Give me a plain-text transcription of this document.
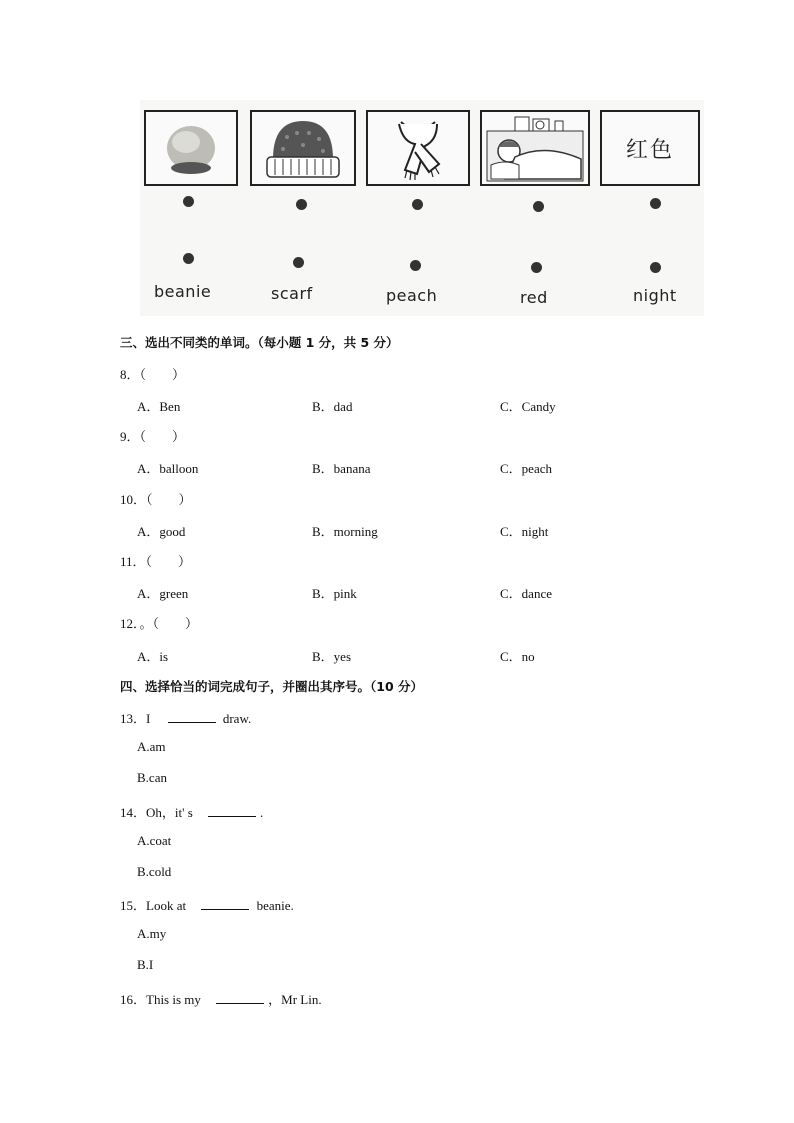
红色
beanie	scarf	peach	red	night
三、选出不同类的单词。（每小题 1 分，共 5 分）
8．（　　）
A．Ben	B．dad	C．Candy
9．（　　）
A．balloon	B．banana	C．peach
10．（　　）
A．good	B．morning	C．night
11．（　　）
A．green	B．pink	C．dance
12．。（　　）
A．is	B．yes	C．no
四、选择恰当的词完成句子，并圈出其序号。（10 分）
13．I	draw.
A.am
B.can
14．Oh，it' s	.
A.coat
B.cold
15．Look at	beanie.
A.my
B.I
16．This is my	，Mr Lin.
